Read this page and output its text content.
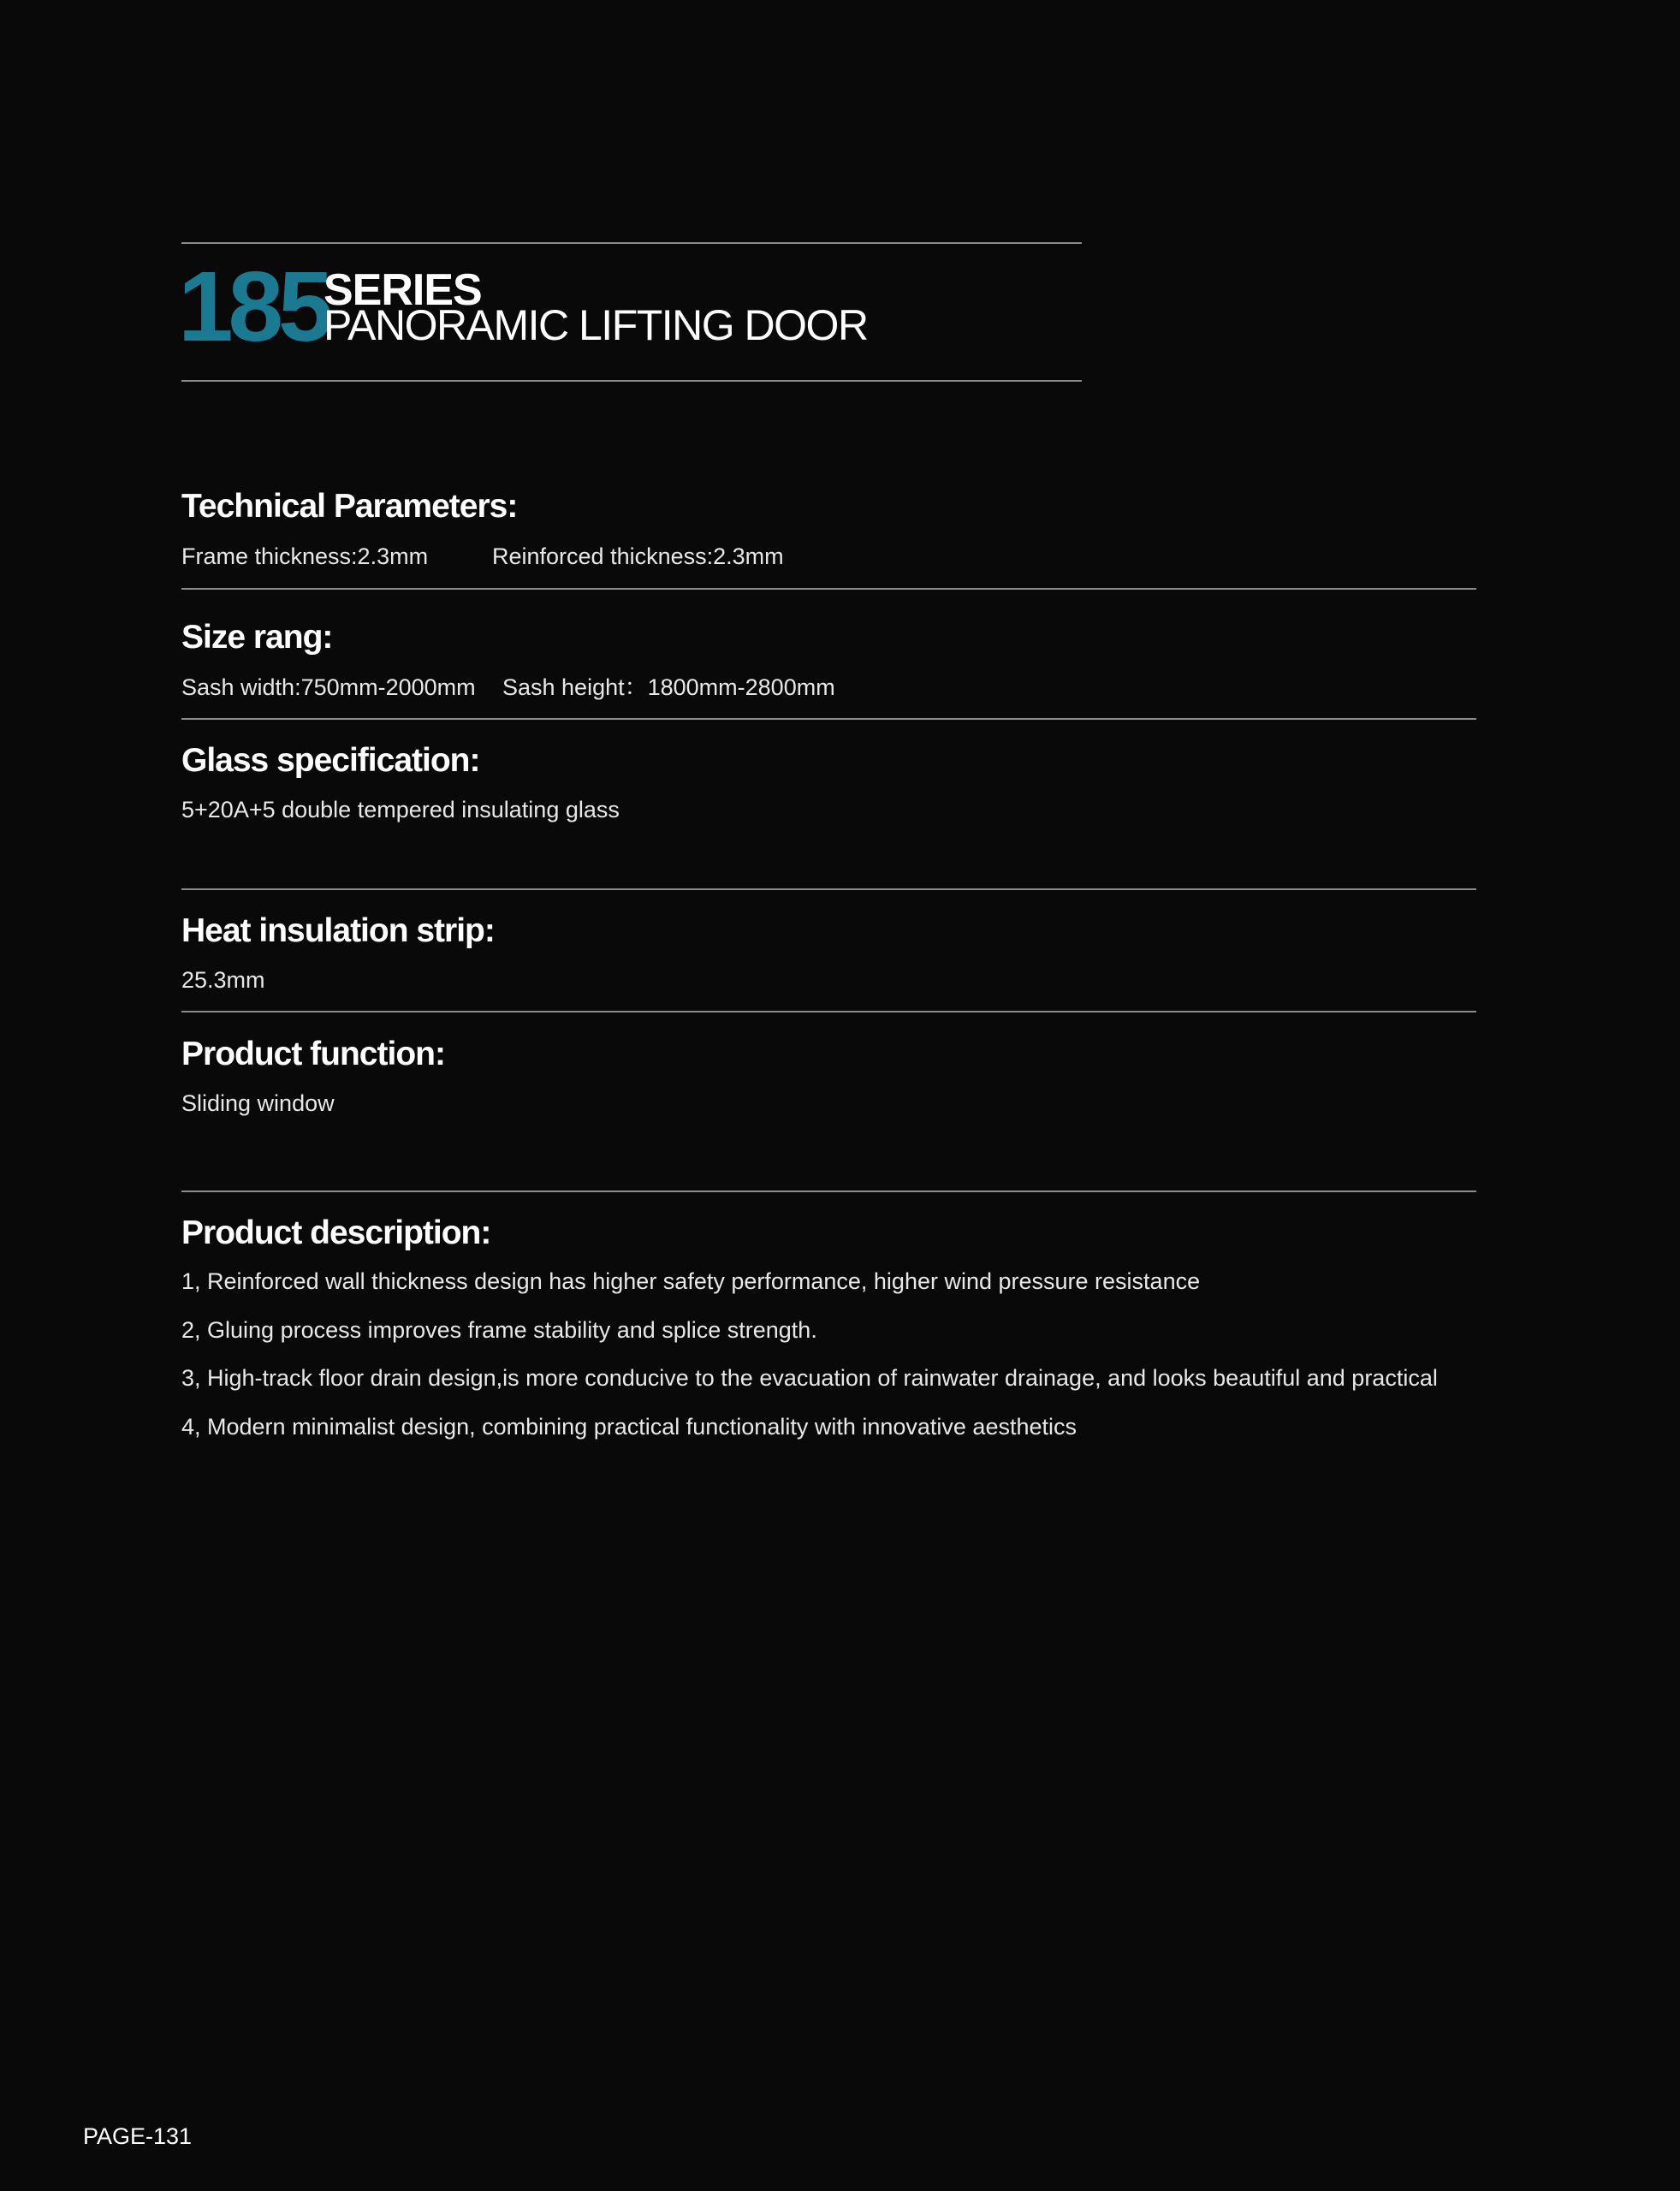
185
SERIES
PANORAMIC LIFTING DOOR
Technical Parameters:
Frame thickness:2.3mm	Reinforced thickness:2.3mm
Size rang:
Sash width:750mm-2000mm Sash height：1800mm-2800mm
Glass specification:
5+20A+5 double tempered insulating glass
Heat insulation strip:
25.3mm
Product function:
Sliding window
Product description:
1, Reinforced wall thickness design has higher safety performance, higher wind pressure resistance
2, Gluing process improves frame stability and splice strength.
3, High-track floor drain design,is more conducive to the evacuation of rainwater drainage, and looks beautiful and practical
4, Modern minimalist design, combining practical functionality with innovative aesthetics
PAGE-131
